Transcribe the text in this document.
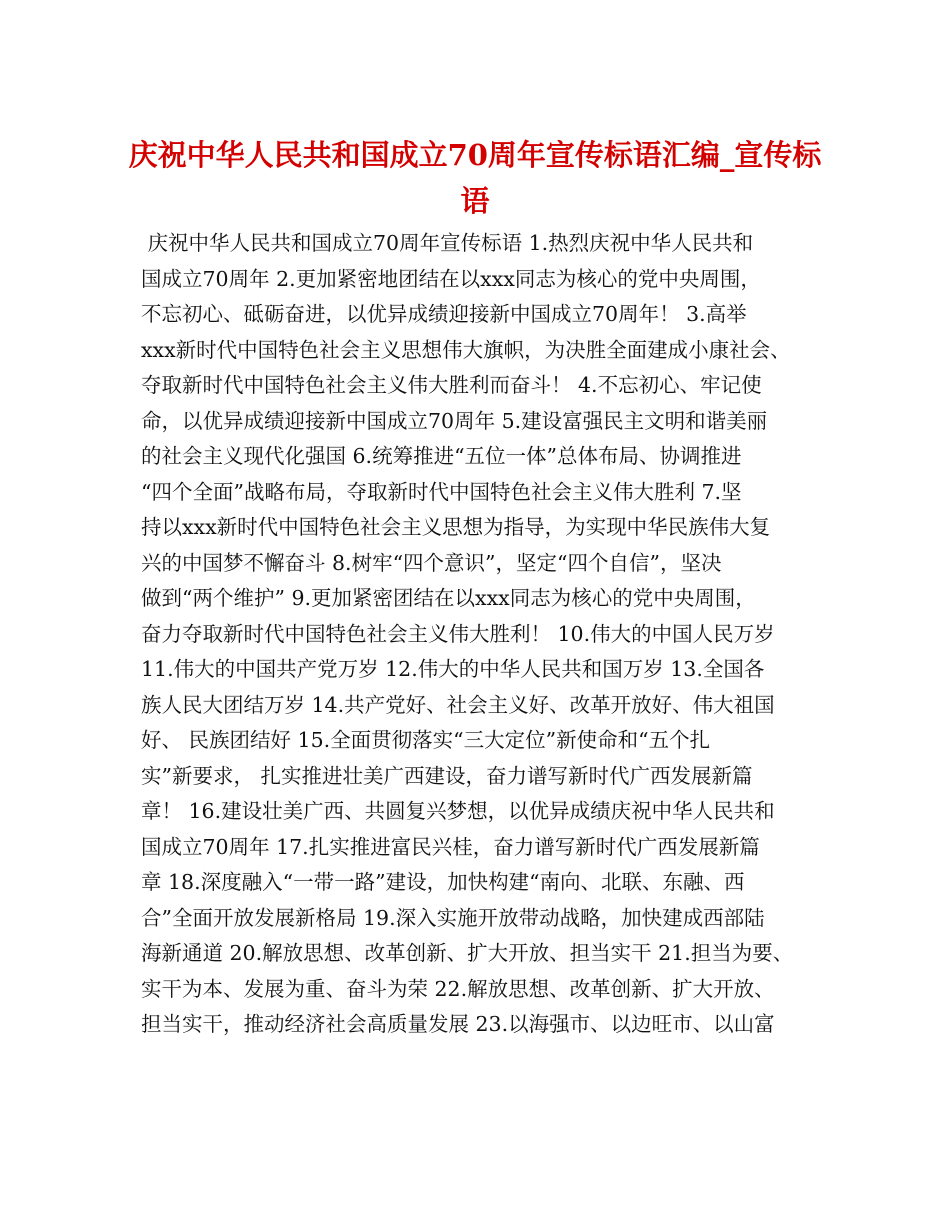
庆祝中华人民共和国成立70周年宣传标语汇编_宣传标
语
庆祝中华人民共和国成立70周年宣传标语 1.热烈庆祝中华人民共和
国成立70周年 2.更加紧密地团结在以xxx同志为核心的党中央周围，
不忘初心、砥砺奋进，以优异成绩迎接新中国成立70周年！ 3.高举
xxx新时代中国特色社会主义思想伟大旗帜，为决胜全面建成小康社会、
夺取新时代中国特色社会主义伟大胜利而奋斗！ 4.不忘初心、牢记使
命，以优异成绩迎接新中国成立70周年 5.建设富强民主文明和谐美丽
的社会主义现代化强国 6.统筹推进“五位一体”总体布局、协调推进
“四个全面”战略布局，夺取新时代中国特色社会主义伟大胜利 7.坚
持以xxx新时代中国特色社会主义思想为指导，为实现中华民族伟大复
兴的中国梦不懈奋斗 8.树牢“四个意识”，坚定“四个自信”，坚决
做到“两个维护” 9.更加紧密团结在以xxx同志为核心的党中央周围，
奋力夺取新时代中国特色社会主义伟大胜利！ 10.伟大的中国人民万岁
11.伟大的中国共产党万岁 12.伟大的中华人民共和国万岁 13.全国各
族人民大团结万岁 14.共产党好、社会主义好、改革开放好、伟大祖国
好、 民族团结好 15.全面贯彻落实“三大定位”新使命和“五个扎
实”新要求， 扎实推进壮美广西建设，奋力谱写新时代广西发展新篇
章！ 16.建设壮美广西、共圆复兴梦想，以优异成绩庆祝中华人民共和
国成立70周年 17.扎实推进富民兴桂，奋力谱写新时代广西发展新篇
章 18.深度融入“一带一路”建设，加快构建“南向、北联、东融、西
合”全面开放发展新格局 19.深入实施开放带动战略，加快建成西部陆
海新通道 20.解放思想、改革创新、扩大开放、担当实干 21.担当为要、
实干为本、发展为重、奋斗为荣 22.解放思想、改革创新、扩大开放、
担当实干，推动经济社会高质量发展 23.以海强市、以边旺市、以山富
